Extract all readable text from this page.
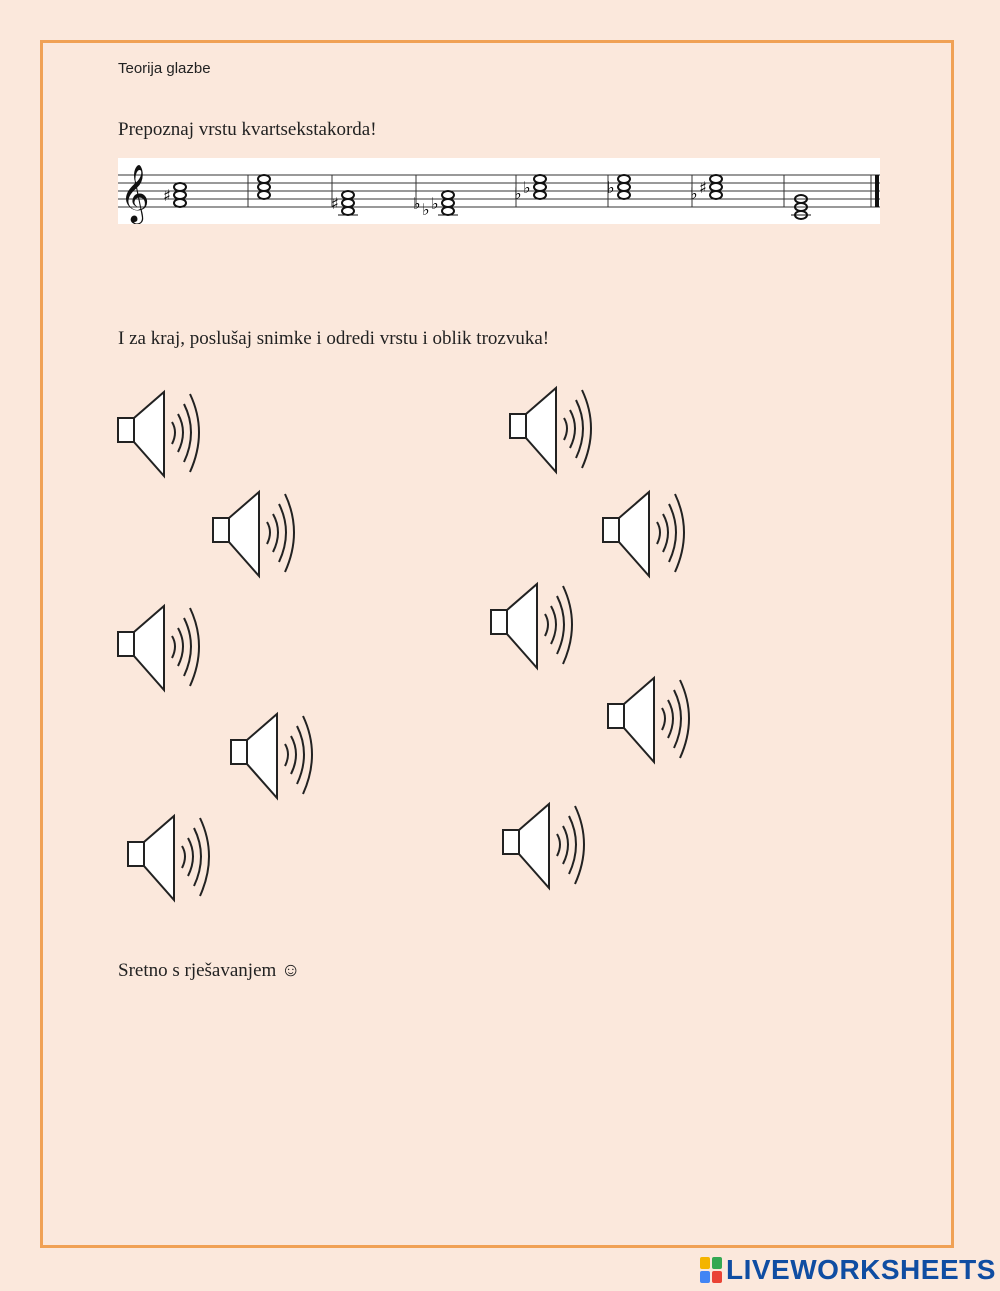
Teorija glazbe
Prepoznaj vrstu kvartsekstakorda!
𝄞 ♯	♯	♭
♭
♭
♭
♭	♭	♯
♭
I za kraj, poslušaj snimke i odredi vrstu i oblik trozvuka!
Sretno s rješavanjem ☺
LIVEWORKSHEETS
